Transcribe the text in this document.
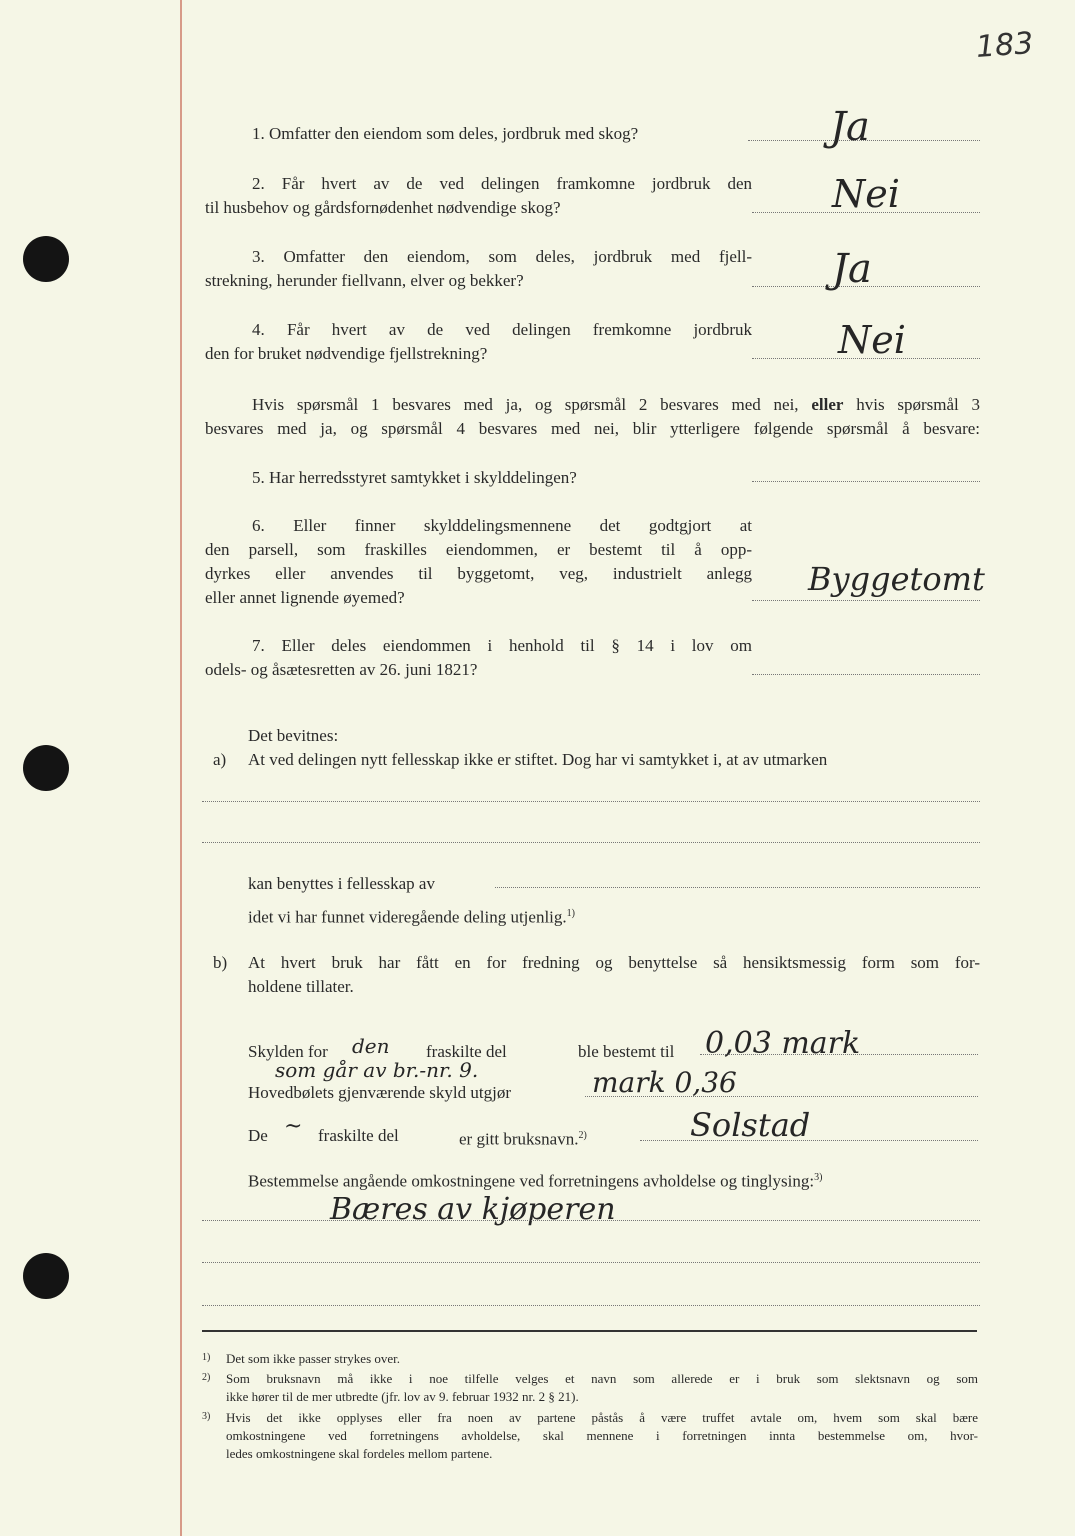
183
1. Omfatter den eiendom som deles, jordbruk med skog?	Ja
2. Får hvert av de ved delingen framkomne jordbruk den
til husbehov og gårdsfornødenhet nødvendige skog?	Nei
3. Omfatter den eiendom, som deles, jordbruk med fjell-
strekning, herunder fiellvann, elver og bekker?	Ja
4. Får hvert av de ved delingen fremkomne jordbruk
den for bruket nødvendige fjellstrekning?	Nei
Hvis spørsmål 1 besvares med ja, og spørsmål 2 besvares med nei, eller hvis spørsmål 3
besvares med ja, og spørsmål 4 besvares med nei, blir ytterligere følgende spørsmål å besvare:
5. Har herredsstyret samtykket i skylddelingen?
6. Eller finner skylddelingsmennene det godtgjort at
den parsell, som fraskilles eiendommen, er bestemt til å opp-
dyrkes eller anvendes til byggetomt, veg, industrielt anlegg
eller annet lignende øyemed?	Byggetomt
7. Eller deles eiendommen i henhold til § 14 i lov om
odels- og åsætesretten av 26. juni 1821?
Det bevitnes:
a) At ved delingen nytt fellesskap ikke er stiftet. Dog har vi samtykket i, at av utmarken
kan benyttes i fellesskap av
idet vi har funnet videregående deling utjenlig.$^{1)}$
b) At hvert bruk har fått en for fredning og benyttelse så hensiktsmessig form som for-
holdene tillater.
Skylden for den fraskilte del	ble bestemt til 0,03 mark
som går av br.-nr. 9.
Hovedbølets gjenværende skyld utgjør	mark 0,36
De ~ fraskilte del	er gitt bruksnavn.$^{2)}$	Solstad
Bestemmelse angående omkostningene ved forretningens avholdelse og tinglysing:$^{3)}$
Bæres av kjøperen
1) Det som ikke passer strykes over.
2) Som bruksnavn må ikke i noe tilfelle velges et navn som allerede er i bruk som slektsnavn og som
ikke hører til de mer utbredte (jfr. lov av 9. februar 1932 nr. 2 § 21).
3) Hvis det ikke opplyses eller fra noen av partene påstås å være truffet avtale om, hvem som skal bære
omkostningene ved forretningens avholdelse, skal mennene i forretningen innta bestemmelse om, hvor-
ledes omkostningene skal fordeles mellom partene.
